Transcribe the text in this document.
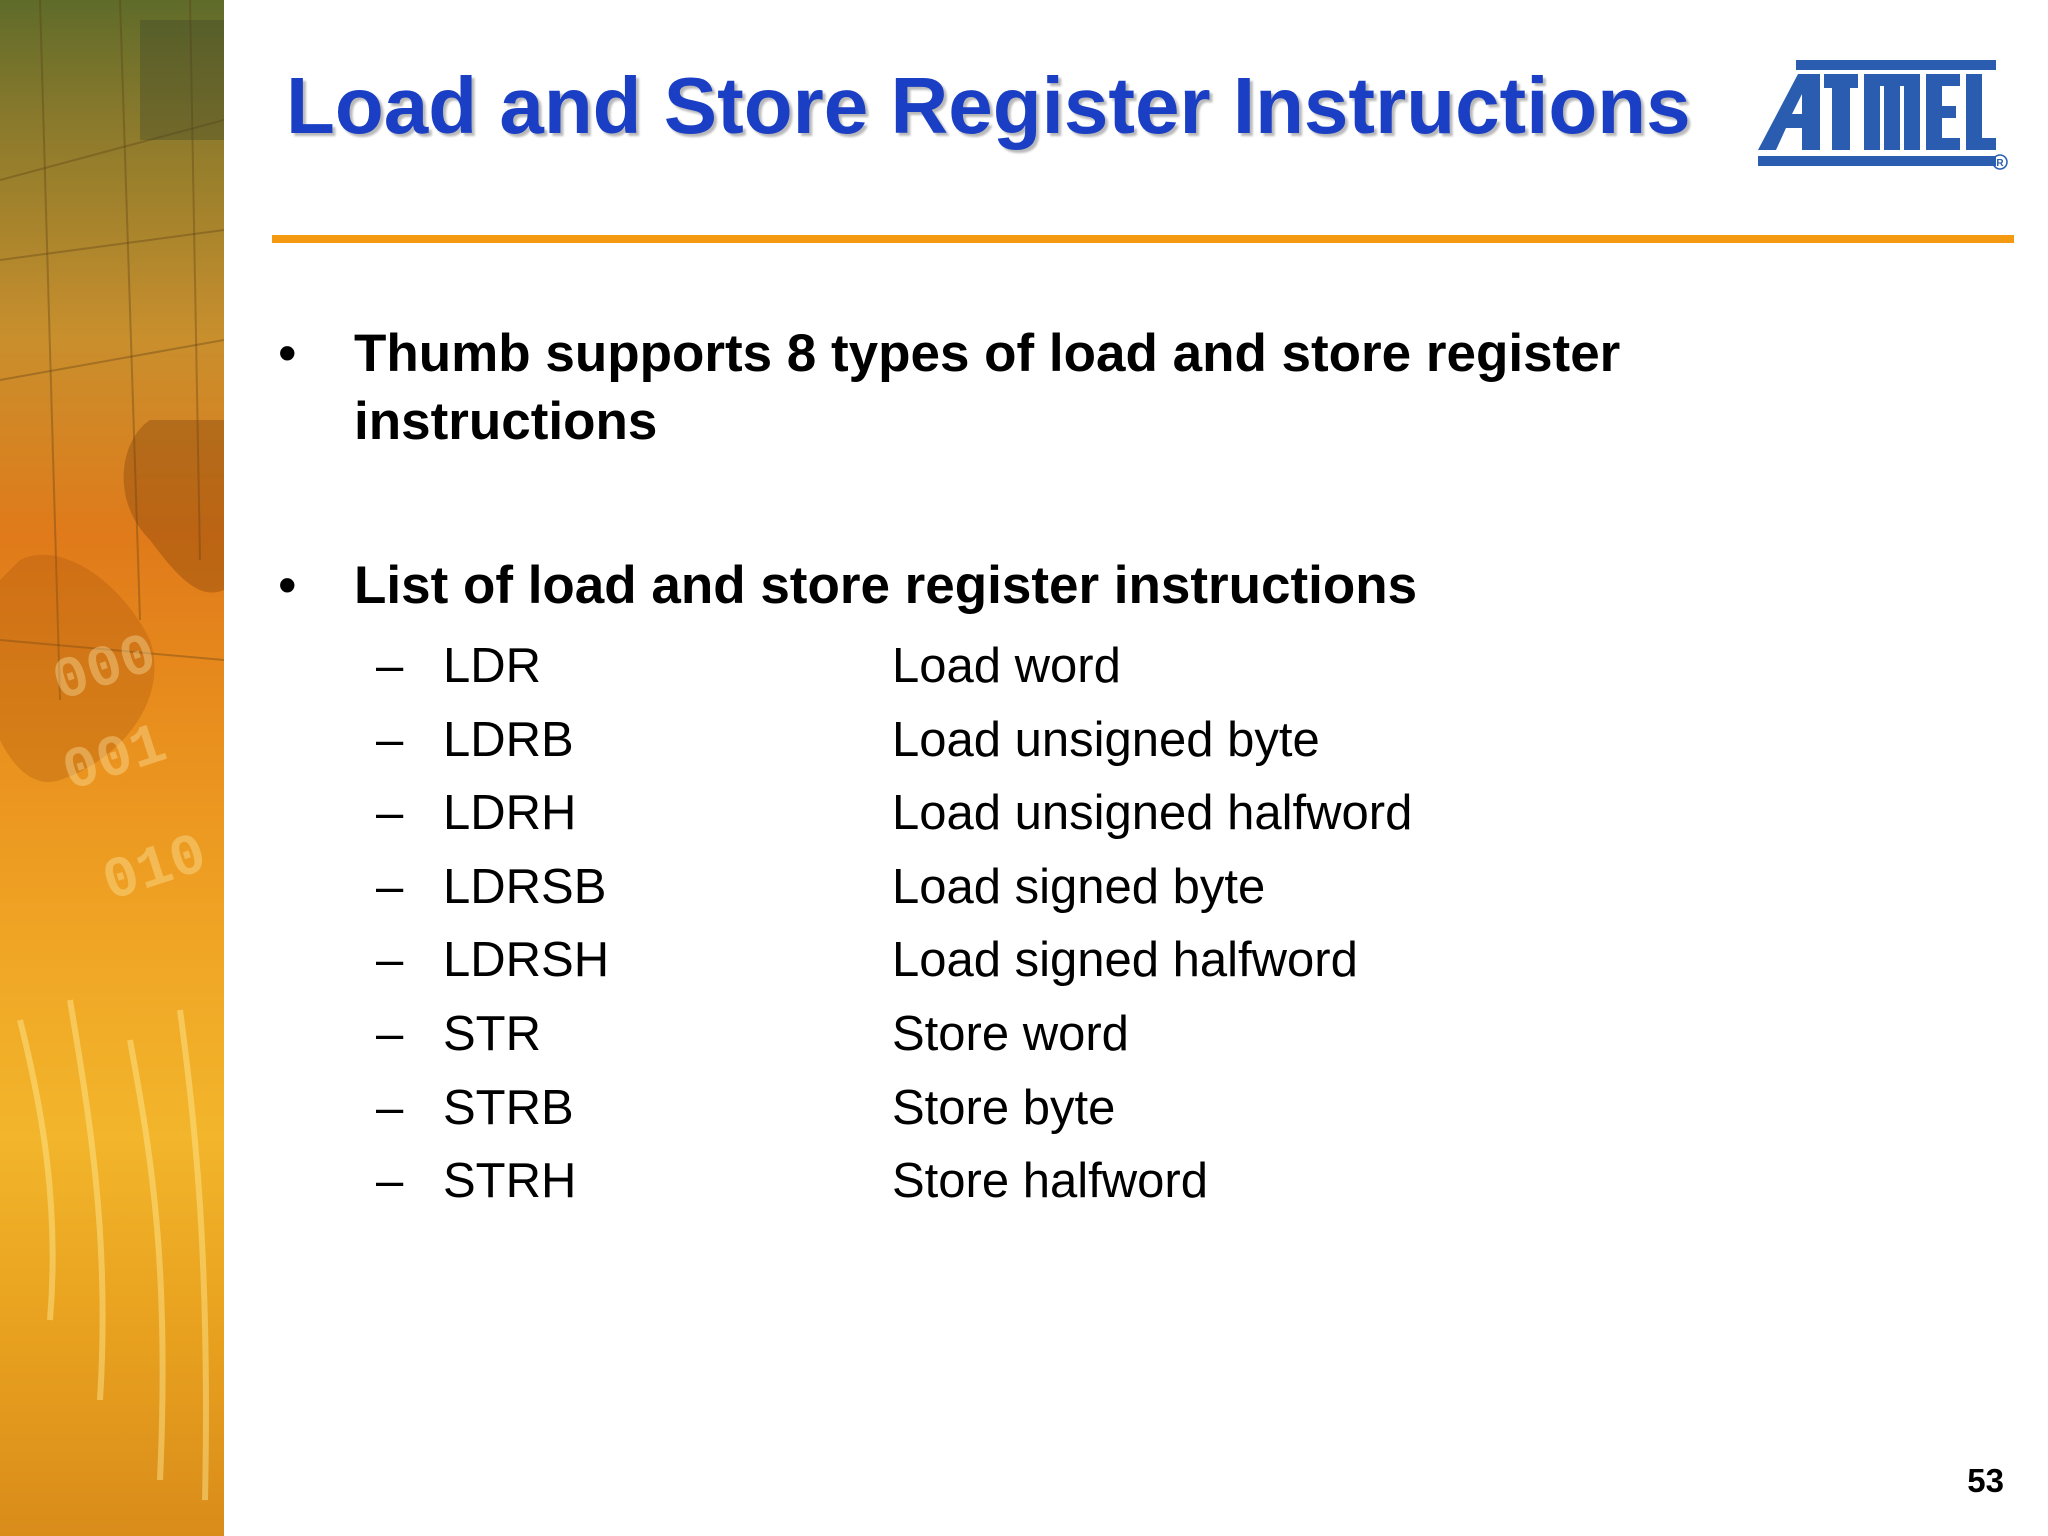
000
001
010
Load and Store Register Instructions
R
• Thumb supports 8 types of load and store register instructions
• List of load and store register instructions
– LDR	Load word
– LDRB	Load unsigned byte
– LDRH	Load unsigned halfword
– LDRSB	Load signed byte
– LDRSH	Load signed halfword
– STR	Store word
– STRB	Store byte
– STRH	Store halfword
53
